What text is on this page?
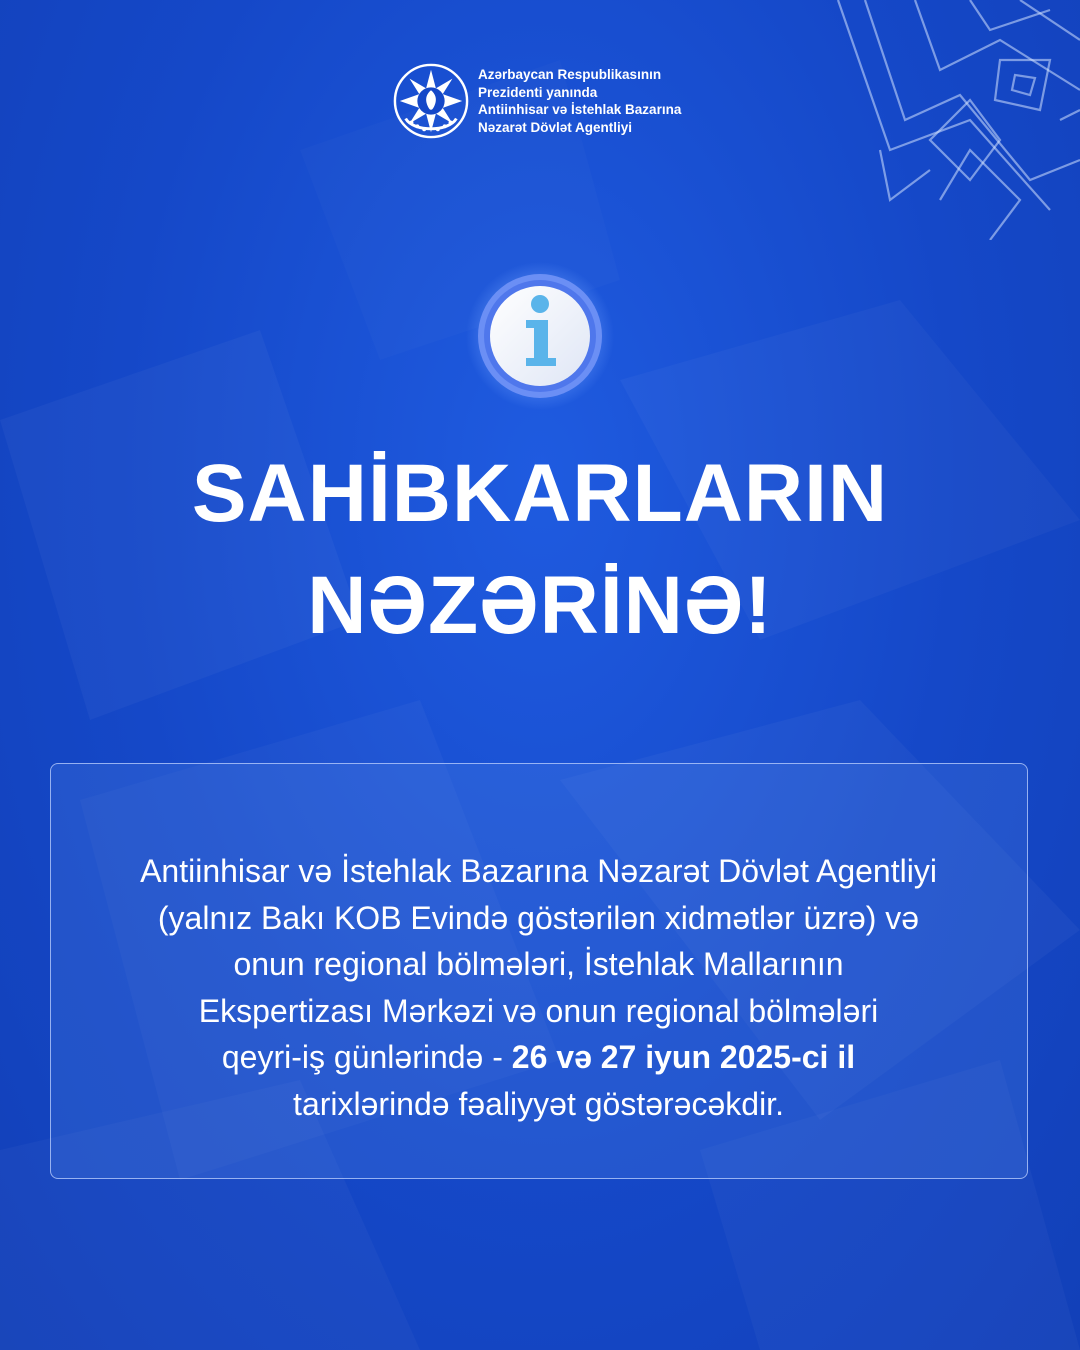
Azərbaycan Respublikasının
Prezidenti yanında
Antiinhisar və İstehlak Bazarına
Nəzarət Dövlət Agentliyi
SAHİBKARLARIN
NƏZƏRİNƏ!
Antiinhisar və İstehlak Bazarına Nəzarət Dövlət Agentliyi
(yalnız Bakı KOB Evində göstərilən xidmətlər üzrə) və
onun regional bölmələri, İstehlak Mallarının
Ekspertizası Mərkəzi və onun regional bölmələri
qeyri-iş günlərində - 26 və 27 iyun 2025-ci il
tarixlərində fəaliyyət göstərəcəkdir.
